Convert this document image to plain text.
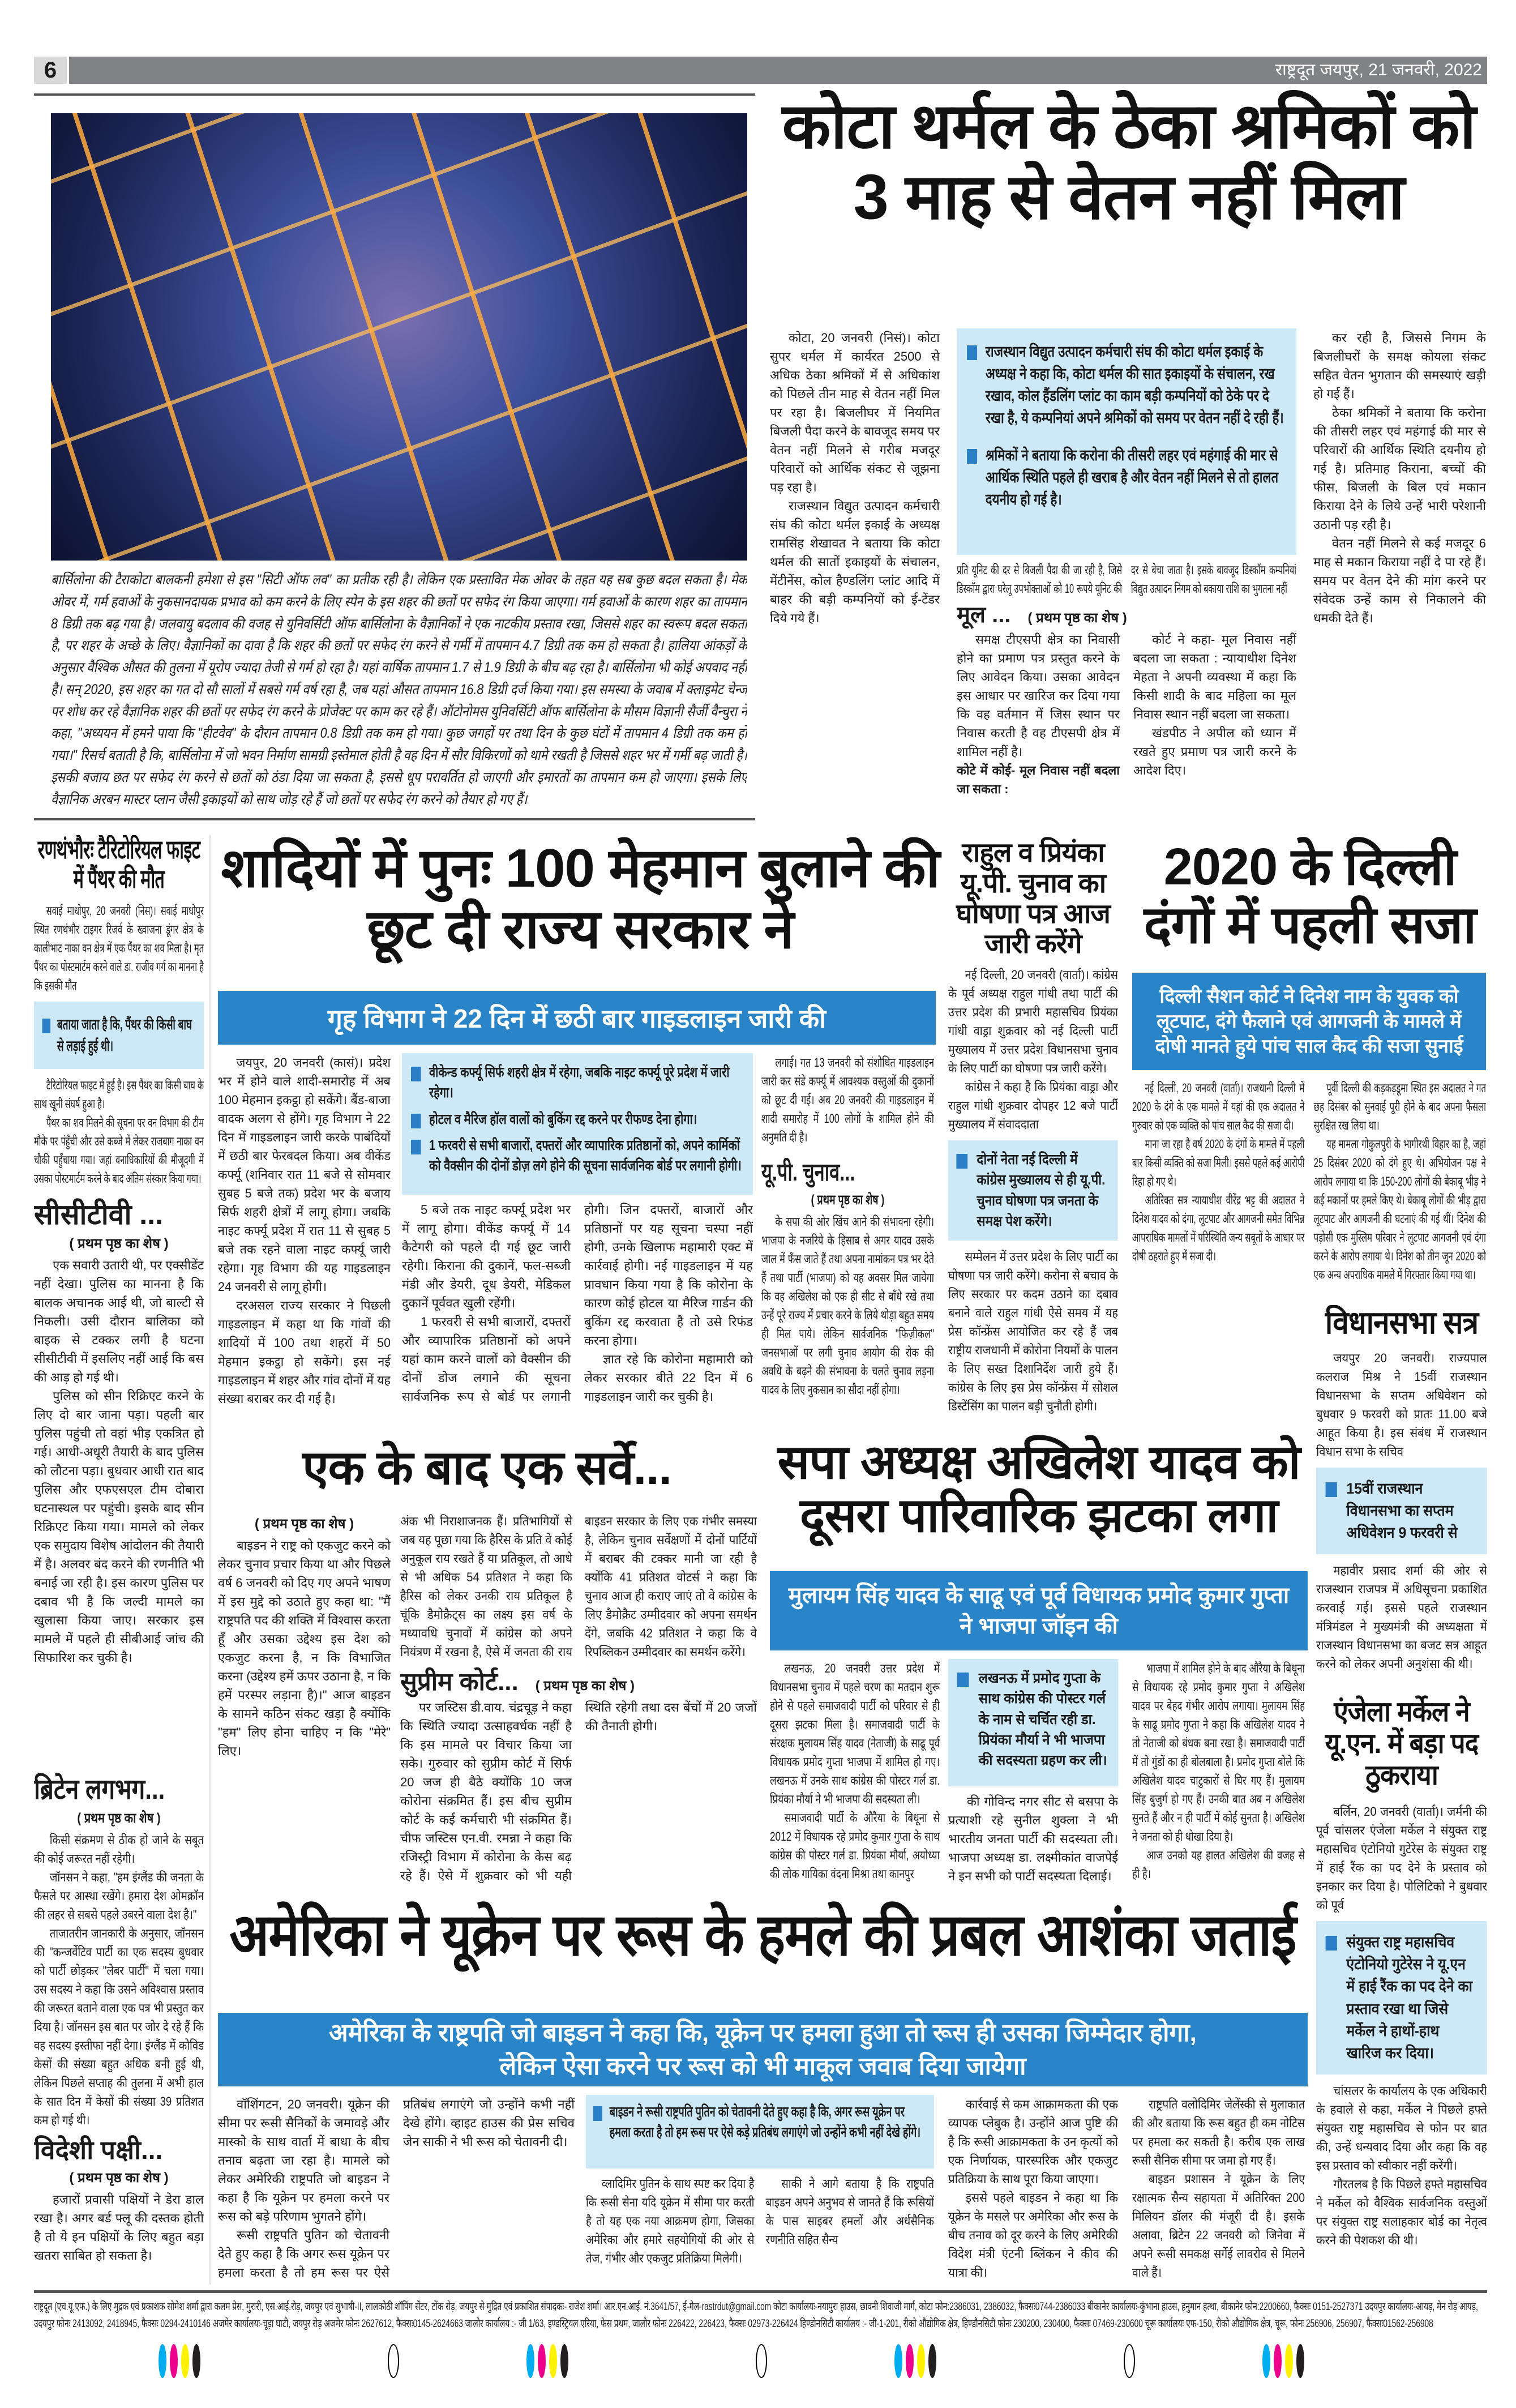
6	राष्ट्रदूत जयपुर, 21 जनवरी, 2022
बार्सिलोना की टैराकोटा बालकनी हमेशा से इस "सिटी ऑफ लव" का प्रतीक रही है। लेकिन एक प्रस्तावित मेक ओवर के तहत यह सब कुछ बदल सकता है। मेक ओवर में, गर्म हवाओं के नुकसानदायक प्रभाव को कम करने के लिए स्पेन के इस शहर की छतों पर सफेद रंग किया जाएगा। गर्म हवाओं के कारण शहर का तापमान 8 डिग्री तक बढ़ गया है। जलवायु बदलाव की वजह से युनिवर्सिटी ऑफ बार्सिलोना के वैज्ञानिकों ने एक नाटकीय प्रस्ताव रखा, जिससे शहर का स्वरूप बदल सकता है, पर शहर के अच्छे के लिए। वैज्ञानिकों का दावा है कि शहर की छतों पर सफेद रंग करने से गर्मी में तापमान 4.7 डिग्री तक कम हो सकता है। हालिया आंकड़ों के अनुसार वैश्विक औसत की तुलना में यूरोप ज्यादा तेजी से गर्म हो रहा है। यहां वार्षिक तापमान 1.7 से 1.9 डिग्री के बीच बढ़ रहा है। बार्सिलोना भी कोई अपवाद नहीं है। सन् 2020, इस शहर का गत दो सौ सालों में सबसे गर्म वर्ष रहा है, जब यहां औसत तापमान 16.8 डिग्री दर्ज किया गया। इस समस्या के जवाब में क्लाइमेट चेन्ज पर शोध कर रहे वैज्ञानिक शहर की छतों पर सफेद रंग करने के प्रोजेक्ट पर काम कर रहे हैं। ऑटोनोमस युनिवर्सिटी ऑफ बार्सिलोना के मौसम विज्ञानी सैर्जी वैन्चुरा ने कहा, "अध्ययन में हमने पाया कि "हीटवेव" के दौरान तापमान 0.8 डिग्री तक कम हो गया। कुछ जगहों पर तथा दिन के कुछ घंटों में तापमान 4 डिग्री तक कम हो गया।" रिसर्च बताती है कि, बार्सिलोना में जो भवन निर्माण सामग्री इस्तेमाल होती है वह दिन में सौर विकिरणों को थामे रखती है जिससे शहर भर में गर्मी बढ़ जाती है। इसकी बजाय छत पर सफेद रंग करने से छतों को ठंडा दिया जा सकता है, इससे धूप परावर्तित हो जाएगी और इमारतों का तापमान कम हो जाएगा। इसके लिए वैज्ञानिक अरबन मास्टर प्लान जैसी इकाइयों को साथ जोड़ रहे हैं जो छतों पर सफेद रंग करने को तैयार हो गए हैं।
कोटा थर्मल के ठेका श्रमिकों को 3 माह से वेतन नहीं मिला

कोटा, 20 जनवरी (निसं)। कोटा सुपर थर्मल में कार्यरत 2500 से अधिक ठेका श्रमिकों में से अधिकांश को पिछले तीन माह से वेतन नहीं मिल पर रहा है। बिजलीघर में नियमित बिजली पैदा करने के बावजूद समय पर वेतन नहीं मिलने से गरीब मजदूर परिवारों को आर्थिक संकट से जूझना पड़ रहा है।

राजस्थान विद्युत उत्पादन कर्मचारी संघ की कोटा थर्मल इकाई के अध्यक्ष रामसिंह शेखावत ने बताया कि कोटा थर्मल की सातों इकाइयों के संचालन, मेंटीनेंस, कोल हैण्डलिंग प्लांट आदि में बाहर की बड़ी कम्पनियों को ई-टेंडर दिये गये हैं।

राजस्थान विद्युत उत्पादन कर्मचारी संघ की कोटा थर्मल इकाई के अध्यक्ष ने कहा कि, कोटा थर्मल की सात इकाइयों के संचालन, रख रखाव, कोल हैंडलिंग प्लांट का काम बड़ी कम्पनियों को ठेके पर दे रखा है, ये कम्पनियां अपने श्रमिकों को समय पर वेतन नहीं दे रही हैं।
श्रमिकों ने बताया कि करोना की तीसरी लहर एवं महंगाई की मार से आर्थिक स्थिति पहले ही खराब है और वेतन नहीं मिलने से तो हालत दयनीय हो गई है।
प्रति यूनिट की दर से बिजली पैदा की जा रही है, जिसे डिस्कॉम द्वारा घरेलू उपभोक्ताओं को 10 रूपये यूनिट की दर से बेचा जाता है। इसके बावजूद डिस्कॉम कम्पनियां विद्युत उत्पादन निगम को बकाया राशि का भुगतना नहीं
मूल ... ( प्रथम पृष्ठ का शेष )

समक्ष टीएसपी क्षेत्र का निवासी होने का प्रमाण पत्र प्रस्तुत करने के लिए आवेदन किया। उसका आवेदन इस आधार पर खारिज कर दिया गया कि वह वर्तमान में जिस स्थान पर निवास करती है वह टीएसपी क्षेत्र में शामिल नहीं है।

कोटे में कोई- मूल निवास नहीं बदला जा सकता :

कोर्ट ने कहा- मूल निवास नहीं बदला जा सकता : न्यायाधीश दिनेश मेहता ने अपनी व्यवस्था में कहा कि किसी शादी के बाद महिला का मूल निवास स्थान नहीं बदला जा सकता।

खंडपीठ ने अपील को ध्यान में रखते हुए प्रमाण पत्र जारी करने के आदेश दिए।

कर रही है, जिससे निगम के बिजलीघरों के समक्ष कोयला संकट सहित वेतन भुगतान की समस्याएं खड़ी हो गई हैं।

ठेका श्रमिकों ने बताया कि करोना की तीसरी लहर एवं महंगाई की मार से परिवारों की आर्थिक स्थिति दयनीय हो गई है। प्रतिमाह किराना, बच्चों की फीस, बिजली के बिल एवं मकान किराया देने के लिये उन्हें भारी परेशानी उठानी पड़ रही है।

वेतन नहीं मिलने से कई मजदूर 6 माह से मकान किराया नहीं दे पा रहे हैं। समय पर वेतन देने की मांग करने पर संवेदक उन्हें काम से निकालने की धमकी देते हैं।

रणथंभौरः टैरिटोरियल फाइट में पैंथर की मौत

सवाई माधोपुर, 20 जनवरी (निस)। सवाई माधोपुर स्थित रणथंभौर टाइगर रिजर्व के ख्वाजना डूंगर क्षेत्र के कालीभाट नाका वन क्षेत्र में एक पैंथर का शव मिला है। मृत पैंथर का पोस्टमार्टम करने वाले डा. राजीव गर्ग का मानना है कि इसकी मौत

बताया जाता है कि, पैंथर की किसी बाघ से लड़ाई हुई थी।

टैरिटोरियल फाइट में हुई है। इस पैंथर का किसी बाघ के साथ खूनी संघर्ष हुआ है।

पैंथर का शव मिलने की सूचना पर वन विभाग की टीम मौके पर पंहुँची और उसे कब्जे में लेकर राजबाग नाका वन चौकी पहुँचाया गया। जहां वनाधिकारियों की मौजूदगी में उसका पोस्टमार्टम करने के बाद अंतिम संस्कार किया गया।

सीसीटीवी ...
( प्रथम पृष्ठ का शेष )

एक सवारी उतारी थी, पर एक्सीडेंट नहीं देखा। पुलिस का मानना है कि बालक अचानक आई थी, जो बाल्टी से निकली। उसी दौरान बालिका को बाइक से टक्कर लगी है घटना सीसीटीवी में इसलिए नहीं आई कि बस की आड़ हो गई थी।

पुलिस को सीन रिक्रिएट करने के लिए दो बार जाना पड़ा। पहली बार पुलिस पहुंची तो वहां भीड़ एकत्रित हो गई। आधी-अधूरी तैयारी के बाद पुलिस को लौटना पड़ा। बुधवार आधी रात बाद पुलिस और एफएसएल टीम दोबारा घटनास्थल पर पहुंची। इसके बाद सीन रिक्रिएट किया गया। मामले को लेकर एक समुदाय विशेष आंदोलन की तैयारी में है। अलवर बंद करने की रणनीति भी बनाई जा रही है। इस कारण पुलिस पर दबाव भी है कि जल्दी मामले का खुलासा किया जाए। सरकार इस मामले में पहले ही सीबीआई जांच की सिफारिश कर चुकी है।

ब्रिटेन लगभग...
( प्रथम पृष्ठ का शेष )

किसी संक्रमण से ठीक हो जाने के सबूत की कोई जरूरत नहीं रहेगी।

जॉनसन ने कहा, "हम इंग्लैंड की जनता के फैसले पर आस्था रखेंगे। हमारा देश ओमक्रॉन की लहर से सबसे पहले उबरने वाला देश है।"

ताजातरीन जानकारी के अनुसार, जॉनसन की "कन्जर्वेटिव पार्टी का एक सदस्य बुधवार को पार्टी छोड़कर "लेबर पार्टी" में चला गया। उस सदस्य ने कहा कि उसने अविश्वास प्रस्ताव की जरूरत बताने वाला एक पत्र भी प्रस्तुत कर दिया है। जॉनसन इस बात पर जोर दे रहे हैं कि वह सदस्य इस्तीफा नहीं देगा। इंग्लैंड में कोविड केसों की संख्या बहुत अधिक बनी हुई थी, लेकिन पिछले सप्ताह की तुलना में अभी हाल के सात दिन में केसों की संख्या 39 प्रतिशत कम हो गई थी।

विदेशी पक्षी...
( प्रथम पृष्ठ का शेष )

हजारों प्रवासी पक्षियों ने डेरा डाल रखा है। अगर बर्ड फ्लू की दस्तक होती है तो ये इन पक्षियों के लिए बहुत बड़ा खतरा साबित हो सकता है।

शादियों में पुनः 100 मेहमान बुलाने की छूट दी राज्य सरकार ने
गृह विभाग ने 22 दिन में छठी बार गाइडलाइन जारी की

जयपुर, 20 जनवरी (कासं)। प्रदेश भर में होने वाले शादी-समारोह में अब 100 मेहमान इकट्ठा हो सकेंगे। बैंड-बाजा वादक अलग से होंगे। गृह विभाग ने 22 दिन में गाइडलाइन जारी करके पाबंदियों में छठी बार फेरबदल किया। अब वीकेंड कर्फ्यू (शनिवार रात 11 बजे से सोमवार सुबह 5 बजे तक) प्रदेश भर के बजाय सिर्फ शहरी क्षेत्रों में लागू होगा। जबकि नाइट कर्फ्यू प्रदेश में रात 11 से सुबह 5 बजे तक रहने वाला नाइट कर्फ्यू जारी रहेगा। गृह विभाग की यह गाइडलाइन 24 जनवरी से लागू होगी।

दरअसल राज्य सरकार ने पिछली गाइडलाइन में कहा था कि गांवों की शादियों में 100 तथा शहरों में 50 मेहमान इकट्ठा हो सकेंगे। इस नई गाइडलाइन में शहर और गांव दोनों में यह संख्या बराबर कर दी गई है।

वीकेन्ड कर्फ्यू सिर्फ शहरी क्षेत्र में रहेगा, जबकि नाइट कर्फ्यू पूरे प्रदेश में जारी रहेगा।
होटल व मैरिज हॉल वालों को बुकिंग रद्द करने पर रीफण्ड देना होगा।
1 फरवरी से सभी बाजारों, दफ्तरों और व्यापारिक प्रतिष्ठानों को, अपने कार्मिकों को वैक्सीन की दोनों डोज़ लगे होने की सूचना सार्वजनिक बोर्ड पर लगानी होगी।

5 बजे तक नाइट कर्फ्यू प्रदेश भर में लागू होगा। वीकेंड कर्फ्यू में 14 कैटेगरी को पहले दी गई छूट जारी रहेगी। किराना की दुकानें, फल-सब्जी मंडी और डेयरी, दूध डेयरी, मेडिकल दुकानें पूर्ववत खुली रहेंगी।

1 फरवरी से सभी बाजारों, दफ्तरों और व्यापारिक प्रतिष्ठानों को अपने यहां काम करने वालों को वैक्सीन की दोनों डोज लगाने की सूचना सार्वजनिक रूप से बोर्ड पर लगानी होगी। जिन दफ्तरों, बाजारों और प्रतिष्ठानों पर यह सूचना चस्पा नहीं होगी, उनके खिलाफ महामारी एक्ट में कार्रवाई होगी। नई गाइडलाइन में यह प्रावधान किया गया है कि कोरोना के कारण कोई होटल या मैरिज गार्डन की बुकिंग रद्द करवाता है तो उसे रिफंड करना होगा।

ज्ञात रहे कि कोरोना महामारी को लेकर सरकार बीते 22 दिन में 6 गाइडलाइन जारी कर चुकी है।

लगाई। गत 13 जनवरी को संशोधित गाइडलाइन जारी कर संडे कर्फ्यू में आवश्यक वस्तुओं की दुकानों को छूट दी गई। अब 20 जनवरी की गाइडलाइन में शादी समारोह में 100 लोगों के शामिल होने की अनुमति दी है।

यू.पी. चुनाव...
( प्रथम पृष्ठ का शेष )

के सपा की ओर खिंच आने की संभावना रहेगी। भाजपा के नजरिये के हिसाब से अगर यादव उसके जाल में फँस जाते हैं तथा अपना नामांकन पत्र भर देते हैं तथा पार्टी (भाजपा) को यह अवसर मिल जायेगा कि वह अखिलेश को एक ही सीट से बाँधे रखे तथा उन्हें पूरे राज्य में प्रचार करने के लिये थोड़ा बहुत समय ही मिल पाये। लेकिन सार्वजनिक "फिज़ीकल" जनसभाओं पर लगी चुनाव आयोग की रोक की अवधि के बढ़ने की संभावना के चलते चुनाव लड़ना यादव के लिए नुकसान का सौदा नहीं होगा।

राहुल व प्रियंका यू.पी. चुनाव का घोषणा पत्र आज जारी करेंगे

नई दिल्ली, 20 जनवरी (वार्ता)। कांग्रेस के पूर्व अध्यक्ष राहुल गांधी तथा पार्टी की उत्तर प्रदेश की प्रभारी महासचिव प्रियंका गांधी वाड्रा शुक्रवार को नई दिल्ली पार्टी मुख्यालय में उत्तर प्रदेश विधानसभा चुनाव के लिए पार्टी का घोषणा पत्र जारी करेंगे।

कांग्रेस ने कहा है कि प्रियंका वाड्रा और राहुल गांधी शुक्रवार दोपहर 12 बजे पार्टी मुख्यालय में संवाददाता

दोनों नेता नई दिल्ली में कांग्रेस मुख्यालय से ही यू.पी. चुनाव घोषणा पत्र जनता के समक्ष पेश करेंगे।

सम्मेलन में उत्तर प्रदेश के लिए पार्टी का घोषणा पत्र जारी करेंगे। करोना से बचाव के लिए सरकार पर कदम उठाने का दबाव बनाने वाले राहुल गांधी ऐसे समय में यह प्रेस कॉन्फ्रेंस आयोजित कर रहे हैं जब राष्ट्रीय राजधानी में कोरोना नियमों के पालन के लिए सख्त दिशानिर्देश जारी हुये हैं। कांग्रेस के लिए इस प्रेस कॉन्फ्रेंस में सोशल डिस्टेंसिंग का पालन बड़ी चुनौती होगी।

2020 के दिल्ली दंगों में पहली सजा
दिल्ली सैशन कोर्ट ने दिनेश नाम के युवक को लूटपाट, दंगे फैलाने एवं आगजनी के मामले में दोषी मानते हुये पांच साल कैद की सजा सुनाई

नई दिल्ली, 20 जनवरी (वार्ता)। राजधानी दिल्ली में 2020 के दंगे के एक मामले में यहां की एक अदालत ने गुरुवार को एक व्यक्ति को पांच साल कैद की सजा दी।

माना जा रहा है वर्ष 2020 के दंगों के मामले में पहली बार किसी व्यक्ति को सजा मिली। इससे पहले कई आरोपी रिहा हो गए थे।

अतिरिक्त सत्र न्यायाधीश वीरेंद्र भट्ट की अदालत ने दिनेश यादव को दंगा, लूटपाट और आगजनी समेत विभिन्न आपराधिक मामलों में परिस्थिति जन्य सबूतों के आधार पर दोषी ठहराते हुए में सजा दी।

पूर्वी दिल्ली की कड़कड़डूमा स्थित इस अदालत ने गत छह दिसंबर को सुनवाई पूरी होने के बाद अपना फैसला सुरक्षित रख लिया था।

यह मामला गोकुलपुरी के भागीरथी विहार का है, जहां 25 दिसंबर 2020 को दंगे हुए थे। अभियोजन पक्ष ने आरोप लगाया था कि 150-200 लोगों की बेकाबू भीड़ ने कई मकानों पर हमले किए थे। बेकाबू लोगों की भीड़ द्वारा लूटपाट और आगजनी की घटनाएं की गई थीं। दिनेश की पड़ोसी एक मुस्लिम परिवार ने लूटपाट आगजनी एवं दंगा करने के आरोप लगाया थे। दिनेश को तीन जून 2020 को एक अन्य अपराधिक मामले में गिरफ्तार किया गया था।

विधानसभा सत्र

जयपुर 20 जनवरी। राज्यपाल कलराज मिश्र ने 15वीं राजस्थान विधानसभा के सप्तम अधिवेशन को बुधवार 9 फरवरी को प्रातः 11.00 बजे आहूत किया है। इस संबंध में राजस्थान विधान सभा के सचिव

15वीं राजस्थान विधानसभा का सप्तम अधिवेशन 9 फरवरी से

महावीर प्रसाद शर्मा की ओर से राजस्थान राजपत्र में अधिसूचना प्रकाशित करवाई गई। इससे पहले राजस्थान मंत्रिमंडल ने मुख्यमंत्री की अध्यक्षता में राजस्थान विधानसभा का बजट सत्र आहूत करने को लेकर अपनी अनुशंसा की थी।

एंजेला मर्केल ने यू.एन. में बड़ा पद ठुकराया

बर्लिन, 20 जनवरी (वार्ता)। जर्मनी की पूर्व चांसलर एंजेला मर्केल ने संयुक्त राष्ट्र महासचिव एंटोनियो गुटेरेस के संयुक्त राष्ट्र में हाई रैंक का पद देने के प्रस्ताव को इनकार कर दिया है। पोलिटिको ने बुधवार को पूर्व

संयुक्त राष्ट्र महासचिव एंटोनियो गुटेरेस ने यू.एन में हाई रैंक का पद देने का प्रस्ताव रखा था जिसे मर्केल ने हाथों-हाथ खारिज कर दिया।

चांसलर के कार्यालय के एक अधिकारी के हवाले से कहा, मर्केल ने पिछले हफ्ते संयुक्त राष्ट्र महासचिव से फोन पर बात की, उन्हें धन्यवाद दिया और कहा कि वह इस प्रस्ताव को स्वीकार नहीं करेंगी।

गौरतलब है कि पिछले हफ्ते महासचिव ने मर्केल को वैश्विक सार्वजनिक वस्तुओं पर संयुक्त राष्ट्र सलाहकार बोर्ड का नेतृत्व करने की पेशकश की थी।

एक के बाद एक सर्वे...
( प्रथम पृष्ठ का शेष )

बाइडन ने राष्ट्र को एकजुट करने को लेकर चुनाव प्रचार किया था और पिछले वर्ष 6 जनवरी को दिए गए अपने भाषण में इस मुद्दे को उठाते हुए कहा था: "मैं राष्ट्रपति पद की शक्ति में विश्वास करता हूँ और उसका उद्देश्य इस देश को एकजुट करना है, न कि विभाजित करना (उद्देश्य हमें ऊपर उठाना है, न कि हमें परस्पर लड़ाना है)।" आज बाइडन के सामने कठिन संकट खड़ा है क्योंकि "हम" लिए होना चाहिए न कि "मेरे" लिए।

अंक भी निराशाजनक हैं। प्रतिभागियों से जब यह पूछा गया कि हैरिस के प्रति वे कोई अनुकूल राय रखते हैं या प्रतिकूल, तो आधे से भी अधिक 54 प्रतिशत ने कहा कि हैरिस को लेकर उनकी राय प्रतिकूल है चूंकि डैमोक्रैट्स का लक्ष्य इस वर्ष के मध्यावधि चुनावों में कांग्रेस को अपने नियंत्रण में रखना है, ऐसे में जनता की राय बाइडन सरकार के लिए एक गंभीर समस्या है, लेकिन चुनाव सर्वेक्षणों में दोनों पार्टियों में बराबर की टक्कर मानी जा रही है क्योंकि 41 प्रतिशत वोटर्स ने कहा कि चुनाव आज ही कराए जाएं तो वे कांग्रेस के लिए डैमोक्रैट उम्मीदवार को अपना समर्थन देंगे, जबकि 42 प्रतिशत ने कहा कि वे रिपब्लिकन उम्मीदवार का समर्थन करेंगे।
सुप्रीम कोर्ट... ( प्रथम पृष्ठ का शेष )

पर जस्टिस डी.वाय. चंद्रचूड़ ने कहा कि स्थिति ज्यादा उत्साहवर्धक नहीं है कि इस मामले पर विचार किया जा सके। गुरुवार को सुप्रीम कोर्ट में सिर्फ 20 जज ही बैठे क्योंकि 10 जज कोरोना संक्रमित हैं। इस बीच सुप्रीम कोर्ट के कई कर्मचारी भी संक्रमित हैं। चीफ जस्टिस एन.वी. रमन्ना ने कहा कि रजिस्ट्री विभाग में कोरोना के केस बढ़ रहे हैं। ऐसे में शुक्रवार को भी यही स्थिति रहेगी तथा दस बेंचों में 20 जजों की तैनाती होगी।

सपा अध्यक्ष अखिलेश यादव को दूसरा पारिवारिक झटका लगा
मुलायम सिंह यादव के साढू एवं पूर्व विधायक प्रमोद कुमार गुप्ता ने भाजपा जॉइन की

लखनऊ, 20 जनवरी उत्तर प्रदेश में विधानसभा चुनाव में पहले चरण का मतदान शुरू होने से पहले समाजवादी पार्टी को परिवार से ही दूसरा झटका मिला है। समाजवादी पार्टी के संरक्षक मुलायम सिंह यादव (नेताजी) के साढू पूर्व विधायक प्रमोद गुप्ता भाजपा में शामिल हो गए। लखनऊ में उनके साथ कांग्रेस की पोस्टर गर्ल डा. प्रियंका मौर्या ने भी भाजपा की सदस्यता ली।

समाजवादी पार्टी के औरैया के बिधूना से 2012 में विधायक रहे प्रमोद कुमार गुप्ता के साथ कांग्रेस की पोस्टर गर्ल डा. प्रियंका मौर्या, अयोध्या की लोक गायिका वंदना मिश्रा तथा कानपुर

लखनऊ में प्रमोद गुप्ता के साथ कांग्रेस की पोस्टर गर्ल के नाम से चर्चित रही डा. प्रियंका मौर्या ने भी भाजपा की सदस्यता ग्रहण कर ली।

की गोविन्द नगर सीट से बसपा के प्रत्याशी रहे सुनील शुक्ला ने भी भारतीय जनता पार्टी की सदस्यता ली। भाजपा अध्यक्ष डा. लक्ष्मीकांत वाजपेई ने इन सभी को पार्टी सदस्यता दिलाई।

भाजपा में शामिल होने के बाद औरैया के बिधूना से विधायक रहे प्रमोद कुमार गुप्ता ने अखिलेश यादव पर बेहद गंभीर आरोप लगाया। मुलायम सिंह के साढू प्रमोद गुप्ता ने कहा कि अखिलेश यादव ने तो नेताजी को बंधक बना रखा है। समाजवादी पार्टी में तो गुंडों का ही बोलबाला है। प्रमोद गुप्ता बोले कि अखिलेश यादव चाटुकारों से घिर गए हैं। मुलायम सिंह बुजुर्ग हो गए हैं। उनकी बात अब न अखिलेश सुनते हैं और न ही पार्टी में कोई सुनता है। अखिलेश ने जनता को ही धोखा दिया है।

आज उनको यह हालत अखिलेश की वजह से ही है।

अमेरिका ने यूक्रेन पर रूस के हमले की प्रबल आशंका जताई
अमेरिका के राष्ट्रपति जो बाइडन ने कहा कि, यूक्रेन पर हमला हुआ तो रूस ही उसका जिम्मेदार होगा, लेकिन ऐसा करने पर रूस को भी माकूल जवाब दिया जायेगा

वॉशिंगटन, 20 जनवरी। यूक्रेन की सीमा पर रूसी सैनिकों के जमावड़े और मास्को के साथ वार्ता में बाधा के बीच तनाव बढ़ता जा रहा है। मामले को लेकर अमेरिकी राष्ट्रपति जो बाइडन ने कहा है कि यूक्रेन पर हमला करने पर रूस को बड़े परिणाम भुगतने होंगे।

रूसी राष्ट्रपति पुतिन को चेतावनी देते हुए कहा है कि अगर रूस यूक्रेन पर हमला करता है तो हम रूस पर ऐसे प्रतिबंध लगाएंगे जो उन्होंने कभी नहीं देखे होंगे। व्हाइट हाउस की प्रेस सचिव जेन साकी ने भी रूस को चेतावनी दी।

बाइडन ने रूसी राष्ट्रपति पुतिन को चेतावनी देते हुए कहा है कि, अगर रूस यूक्रेन पर हमला करता है तो हम रूस पर ऐसे कड़े प्रतिबंध लगाएंगे जो उन्होंने कभी नहीं देखे होंगे।

व्लादिमिर पुतिन के साथ स्पष्ट कर दिया है कि रूसी सेना यदि यूक्रेन में सीमा पार करती है तो यह एक नया आक्रमण होगा, जिसका अमेरिका और हमारे सहयोगियों की ओर से तेज, गंभीर और एकजुट प्रतिक्रिया मिलेगी।

साकी ने आगे बताया है कि राष्ट्रपति बाइडन अपने अनुभव से जानते हैं कि रूसियों के पास साइबर हमलों और अर्धसैनिक रणनीति सहित सैन्य

कार्रवाई से कम आक्रामकता की एक व्यापक प्लेबुक है। उन्होंने आज पुष्टि की है कि रूसी आक्रामकता के उन कृत्यों को एक निर्णायक, पारस्परिक और एकजुट प्रतिक्रिया के साथ पूरा किया जाएगा।

इससे पहले बाइडन ने कहा था कि यूक्रेन के मसले पर अमेरिका और रूस के बीच तनाव को दूर करने के लिए अमेरिकी विदेश मंत्री एंटनी ब्लिंकन ने कीव की यात्रा की।

राष्ट्रपति वलोदिमिर जेलेंस्की से मुलाकात की और बताया कि रूस बहुत ही कम नोटिस पर हमला कर सकती है। करीब एक लाख रूसी सैनिक सीमा पर जमा हो गए हैं।

बाइडन प्रशासन ने यूक्रेन के लिए रक्षात्मक सैन्य सहायता में अतिरिक्त 200 मिलियन डॉलर की मंजूरी दी है। इसके अलावा, ब्रिटेन 22 जनवरी को जिनेवा में अपने रूसी समकक्ष सर्गेई लावरोव से मिलने वाले हैं।

राष्ट्रदूत (एच.यू.एफ.) के लिए मुद्रक एवं प्रकाशक सोमेश शर्मा द्वारा कलम प्रेस, मुरारी, एस.आई.रोड़, जयपुर एवं सुभाषी-II, लालकोठी शॉपिंग सेंटर, टोंक रोड़, जयपुर से मुद्रित एवं प्रकाशित संपादकः- राजेश शर्मा। आर.एन.आई. नं.3641/57, ई-मेल-rastrdut@gmail.com कोटा कार्यालयः-नयापुरा हाउस, छावनी शिवाजी मार्ग, कोटा फोन:2386031, 2386032, फैक्सः0744-2386033 बीकानेर कार्यालयः-कुंभाना हाउस, हनुमान हत्था, बीकानेर फोन:2200660, फैक्सः 0151-2527371 उदयपुर कार्यालयः-आयड़, मेन रोड़ आयड़, उदयपुर फोनः 2413092, 2418945, फैक्सः 0294-2410146 अजमेर कार्यालयः-चूड़ा घाटी, जयपुर रोड़ अजमेर फोनः 2627612, फैक्सः0145-2624663 जालोर कार्यालय :- जी 1/63, इण्डस्ट्रियल एरिया, फेस प्रथम, जालोर फोनः 226422, 226423, फैक्सः 02973-226424 हिण्डोनसिटी कार्यालय :- जी-1-201, रीको औद्योगिक क्षेत्र, हिण्डौनसिटी फोनः 230200, 230400, फैक्सः 07469-230600 चूरू कार्यालयः एफ-150, रीको औद्योगिक क्षेत्र, चूरू, फोनः 256906, 256907, फैक्सः01562-256908
